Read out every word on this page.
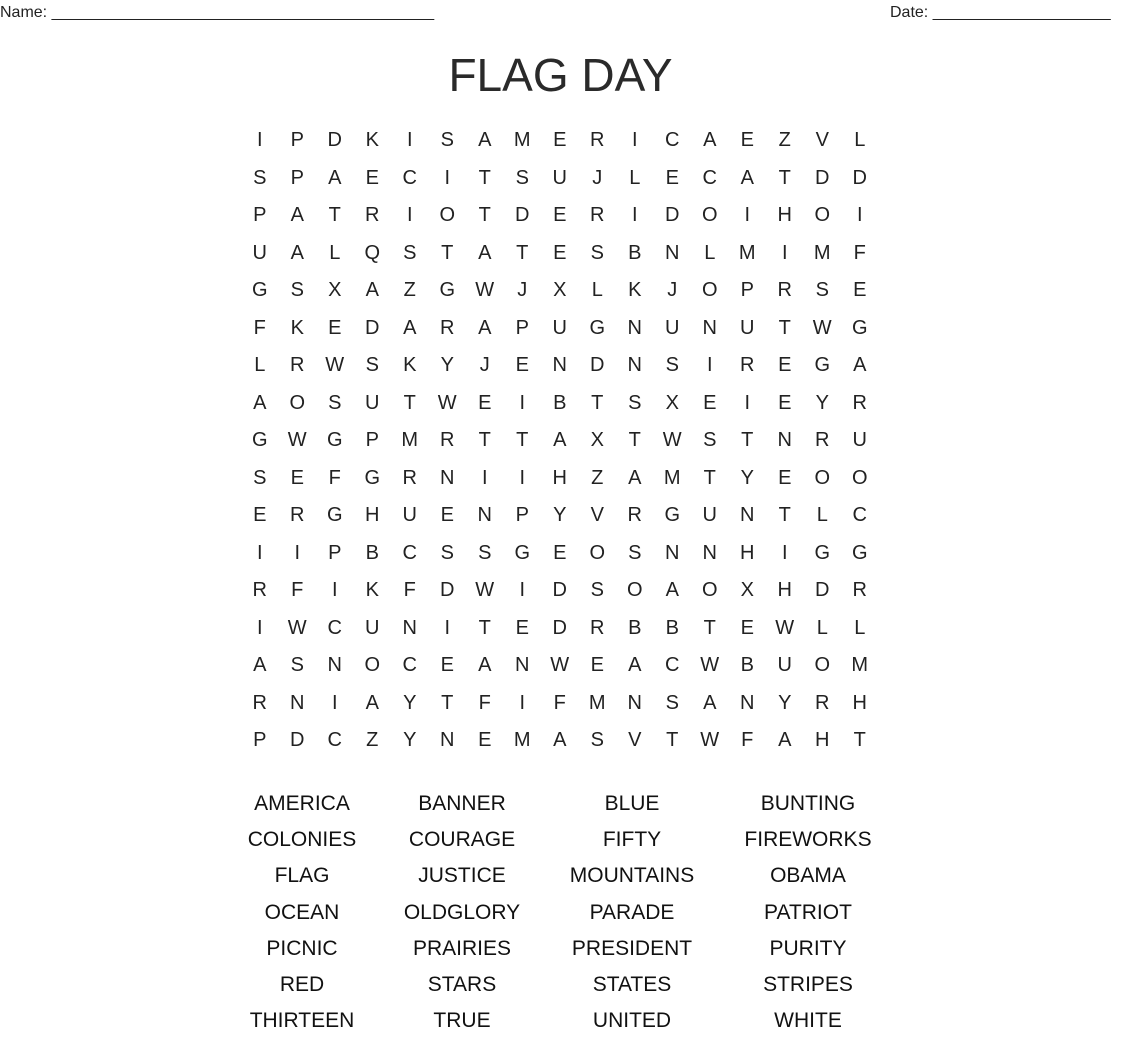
Name: ___________________________________________	Date: ____________________
FLAG DAY
I	P	D	K	I	S	A	M	E	R	I	C	A	E	Z	V	L
S	P	A	E	C	I	T	S	U	J	L	E	C	A	T	D	D
P	A	T	R	I	O	T	D	E	R	I	D	O	I	H	O	I
U	A	L	Q	S	T	A	T	E	S	B	N	L	M	I	M	F
G	S	X	A	Z	G	W	J	X	L	K	J	O	P	R	S	E
F	K	E	D	A	R	A	P	U	G	N	U	N	U	T	W	G
L	R	W	S	K	Y	J	E	N	D	N	S	I	R	E	G	A
A	O	S	U	T	W	E	I	B	T	S	X	E	I	E	Y	R
G	W	G	P	M	R	T	T	A	X	T	W	S	T	N	R	U
S	E	F	G	R	N	I	I	H	Z	A	M	T	Y	E	O	O
E	R	G	H	U	E	N	P	Y	V	R	G	U	N	T	L	C
I	I	P	B	C	S	S	G	E	O	S	N	N	H	I	G	G
R	F	I	K	F	D	W	I	D	S	O	A	O	X	H	D	R
I	W	C	U	N	I	T	E	D	R	B	B	T	E	W	L	L
A	S	N	O	C	E	A	N	W	E	A	C	W	B	U	O	M
R	N	I	A	Y	T	F	I	F	M	N	S	A	N	Y	R	H
P	D	C	Z	Y	N	E	M	A	S	V	T	W	F	A	H	T
AMERICA	BANNER	BLUE	BUNTING
COLONIES	COURAGE	FIFTY	FIREWORKS
FLAG	JUSTICE	MOUNTAINS	OBAMA
OCEAN	OLDGLORY	PARADE	PATRIOT
PICNIC	PRAIRIES	PRESIDENT	PURITY
RED	STARS	STATES	STRIPES
THIRTEEN	TRUE	UNITED	WHITE
